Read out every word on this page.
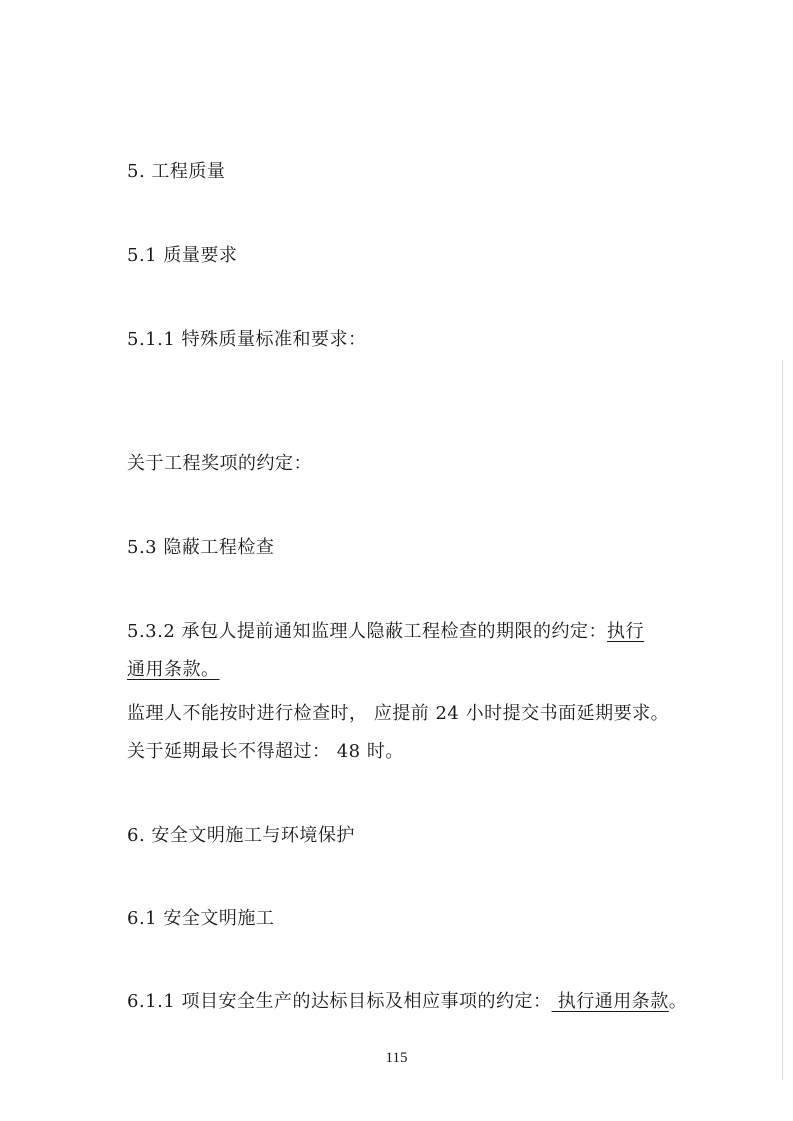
5. 工程质量
5.1 质量要求
5.1.1 特殊质量标准和要求：
关于工程奖项的约定：
5.3 隐蔽工程检查
5.3.2 承包人提前通知监理人隐蔽工程检查的期限的约定：执行
通用条款。
监理人不能按时进行检查时， 应提前 24 小时提交书面延期要求。
关于延期最长不得超过： 48 时。
6. 安全文明施工与环境保护
6.1 安全文明施工
6.1.1 项目安全生产的达标目标及相应事项的约定： 执行通用条款。
115
